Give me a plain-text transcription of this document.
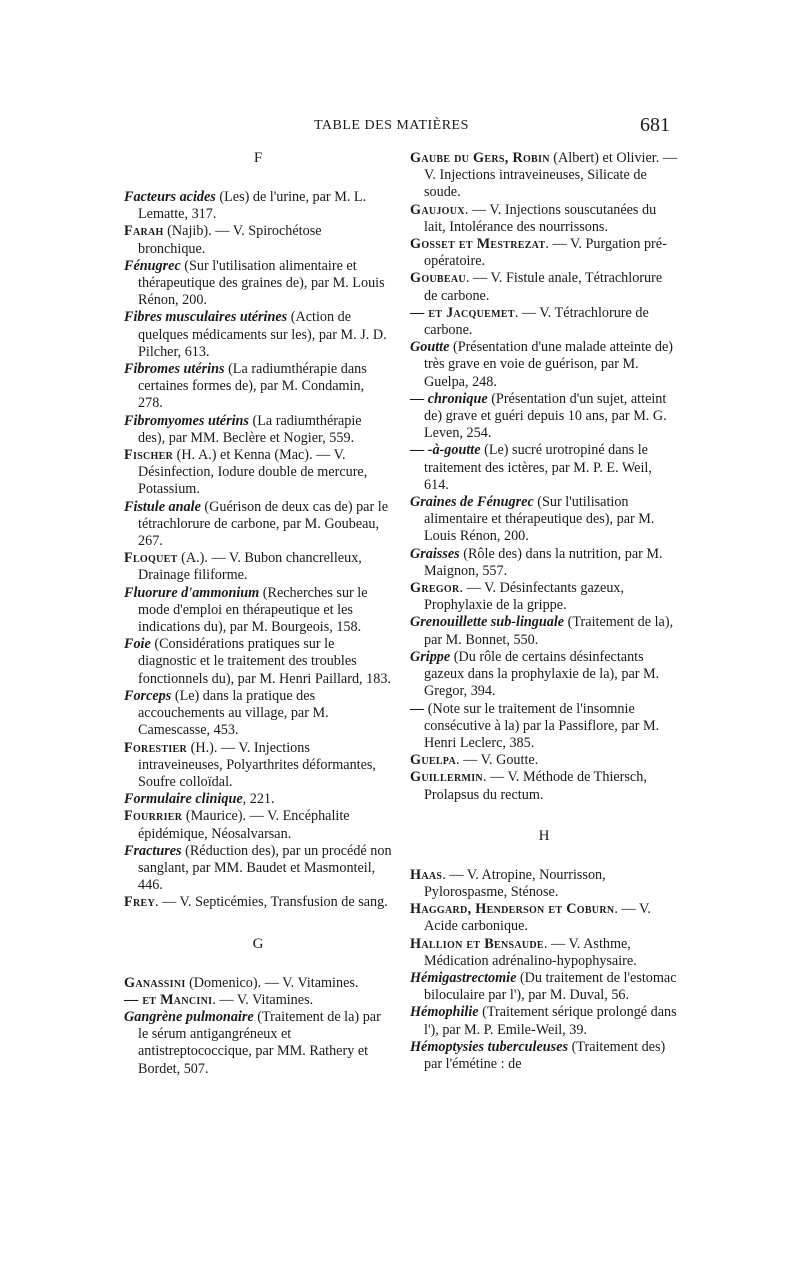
TABLE DES MATIÈRES	681

F

Facteurs acides (Les) de l'urine, par M. L. Lematte, 317.

Farah (Najib). — V. Spirochétose bronchique.

Fénugrec (Sur l'utilisation alimentaire et thérapeutique des graines de), par M. Louis Rénon, 200.

Fibres musculaires utérines (Action de quelques médicaments sur les), par M. J. D. Pilcher, 613.

Fibromes utérins (La radiumthérapie dans certaines formes de), par M. Condamin, 278.

Fibromyomes utérins (La radiumthérapie des), par MM. Beclère et Nogier, 559.

Fischer (H. A.) et Kenna (Mac). — V. Désinfection, Iodure double de mercure, Potassium.

Fistule anale (Guérison de deux cas de) par le tétrachlorure de carbone, par M. Goubeau, 267.

Floquet (A.). — V. Bubon chancrelleux, Drainage filiforme.

Fluorure d'ammonium (Recherches sur le mode d'emploi en thérapeutique et les indications du), par M. Bourgeois, 158.

Foie (Considérations pratiques sur le diagnostic et le traitement des troubles fonctionnels du), par M. Henri Paillard, 183.

Forceps (Le) dans la pratique des accouchements au village, par M. Camescasse, 453.

Forestier (H.). — V. Injections intraveineuses, Polyarthrites déformantes, Soufre colloïdal.

Formulaire clinique, 221.

Fourrier (Maurice). — V. Encéphalite épidémique, Néosalvarsan.

Fractures (Réduction des), par un procédé non sanglant, par MM. Baudet et Masmonteil, 446.

Frey. — V. Septicémies, Transfusion de sang.

G

Ganassini (Domenico). — V. Vitamines.

— et Mancini. — V. Vitamines.

Gangrène pulmonaire (Traitement de la) par le sérum antigangréneux et antistreptococcique, par MM. Rathery et Bordet, 507.

Gaube du Gers, Robin (Albert) et Olivier. — V. Injections intraveineuses, Silicate de soude.

Gaujoux. — V. Injections souscutanées du lait, Intolérance des nourrissons.

Gosset et Mestrezat. — V. Purgation pré-opératoire.

Goubeau. — V. Fistule anale, Tétrachlorure de carbone.

— et Jacquemet. — V. Tétrachlorure de carbone.

Goutte (Présentation d'une malade atteinte de) très grave en voie de guérison, par M. Guelpa, 248.

— chronique (Présentation d'un sujet, atteint de) grave et guéri depuis 10 ans, par M. G. Leven, 254.

— -à-goutte (Le) sucré urotropiné dans le traitement des ictères, par M. P. E. Weil, 614.

Graines de Fénugrec (Sur l'utilisation alimentaire et thérapeutique des), par M. Louis Rénon, 200.

Graisses (Rôle des) dans la nutrition, par M. Maignon, 557.

Gregor. — V. Désinfectants gazeux, Prophylaxie de la grippe.

Grenouillette sub-linguale (Traitement de la), par M. Bonnet, 550.

Grippe (Du rôle de certains désinfectants gazeux dans la prophylaxie de la), par M. Gregor, 394.

— (Note sur le traitement de l'insomnie consécutive à la) par la Passiflore, par M. Henri Leclerc, 385.

Guelpa. — V. Goutte.

Guillermin. — V. Méthode de Thiersch, Prolapsus du rectum.

H

Haas. — V. Atropine, Nourrisson, Pylorospasme, Sténose.

Haggard, Henderson et Coburn. — V. Acide carbonique.

Hallion et Bensaude. — V. Asthme, Médication adrénalino-hypophysaire.

Hémigastrectomie (Du traitement de l'estomac biloculaire par l'), par M. Duval, 56.

Hémophilie (Traitement sérique prolongé dans l'), par M. P. Emile-Weil, 39.

Hémoptysies tuberculeuses (Traitement des) par l'émétine : de
